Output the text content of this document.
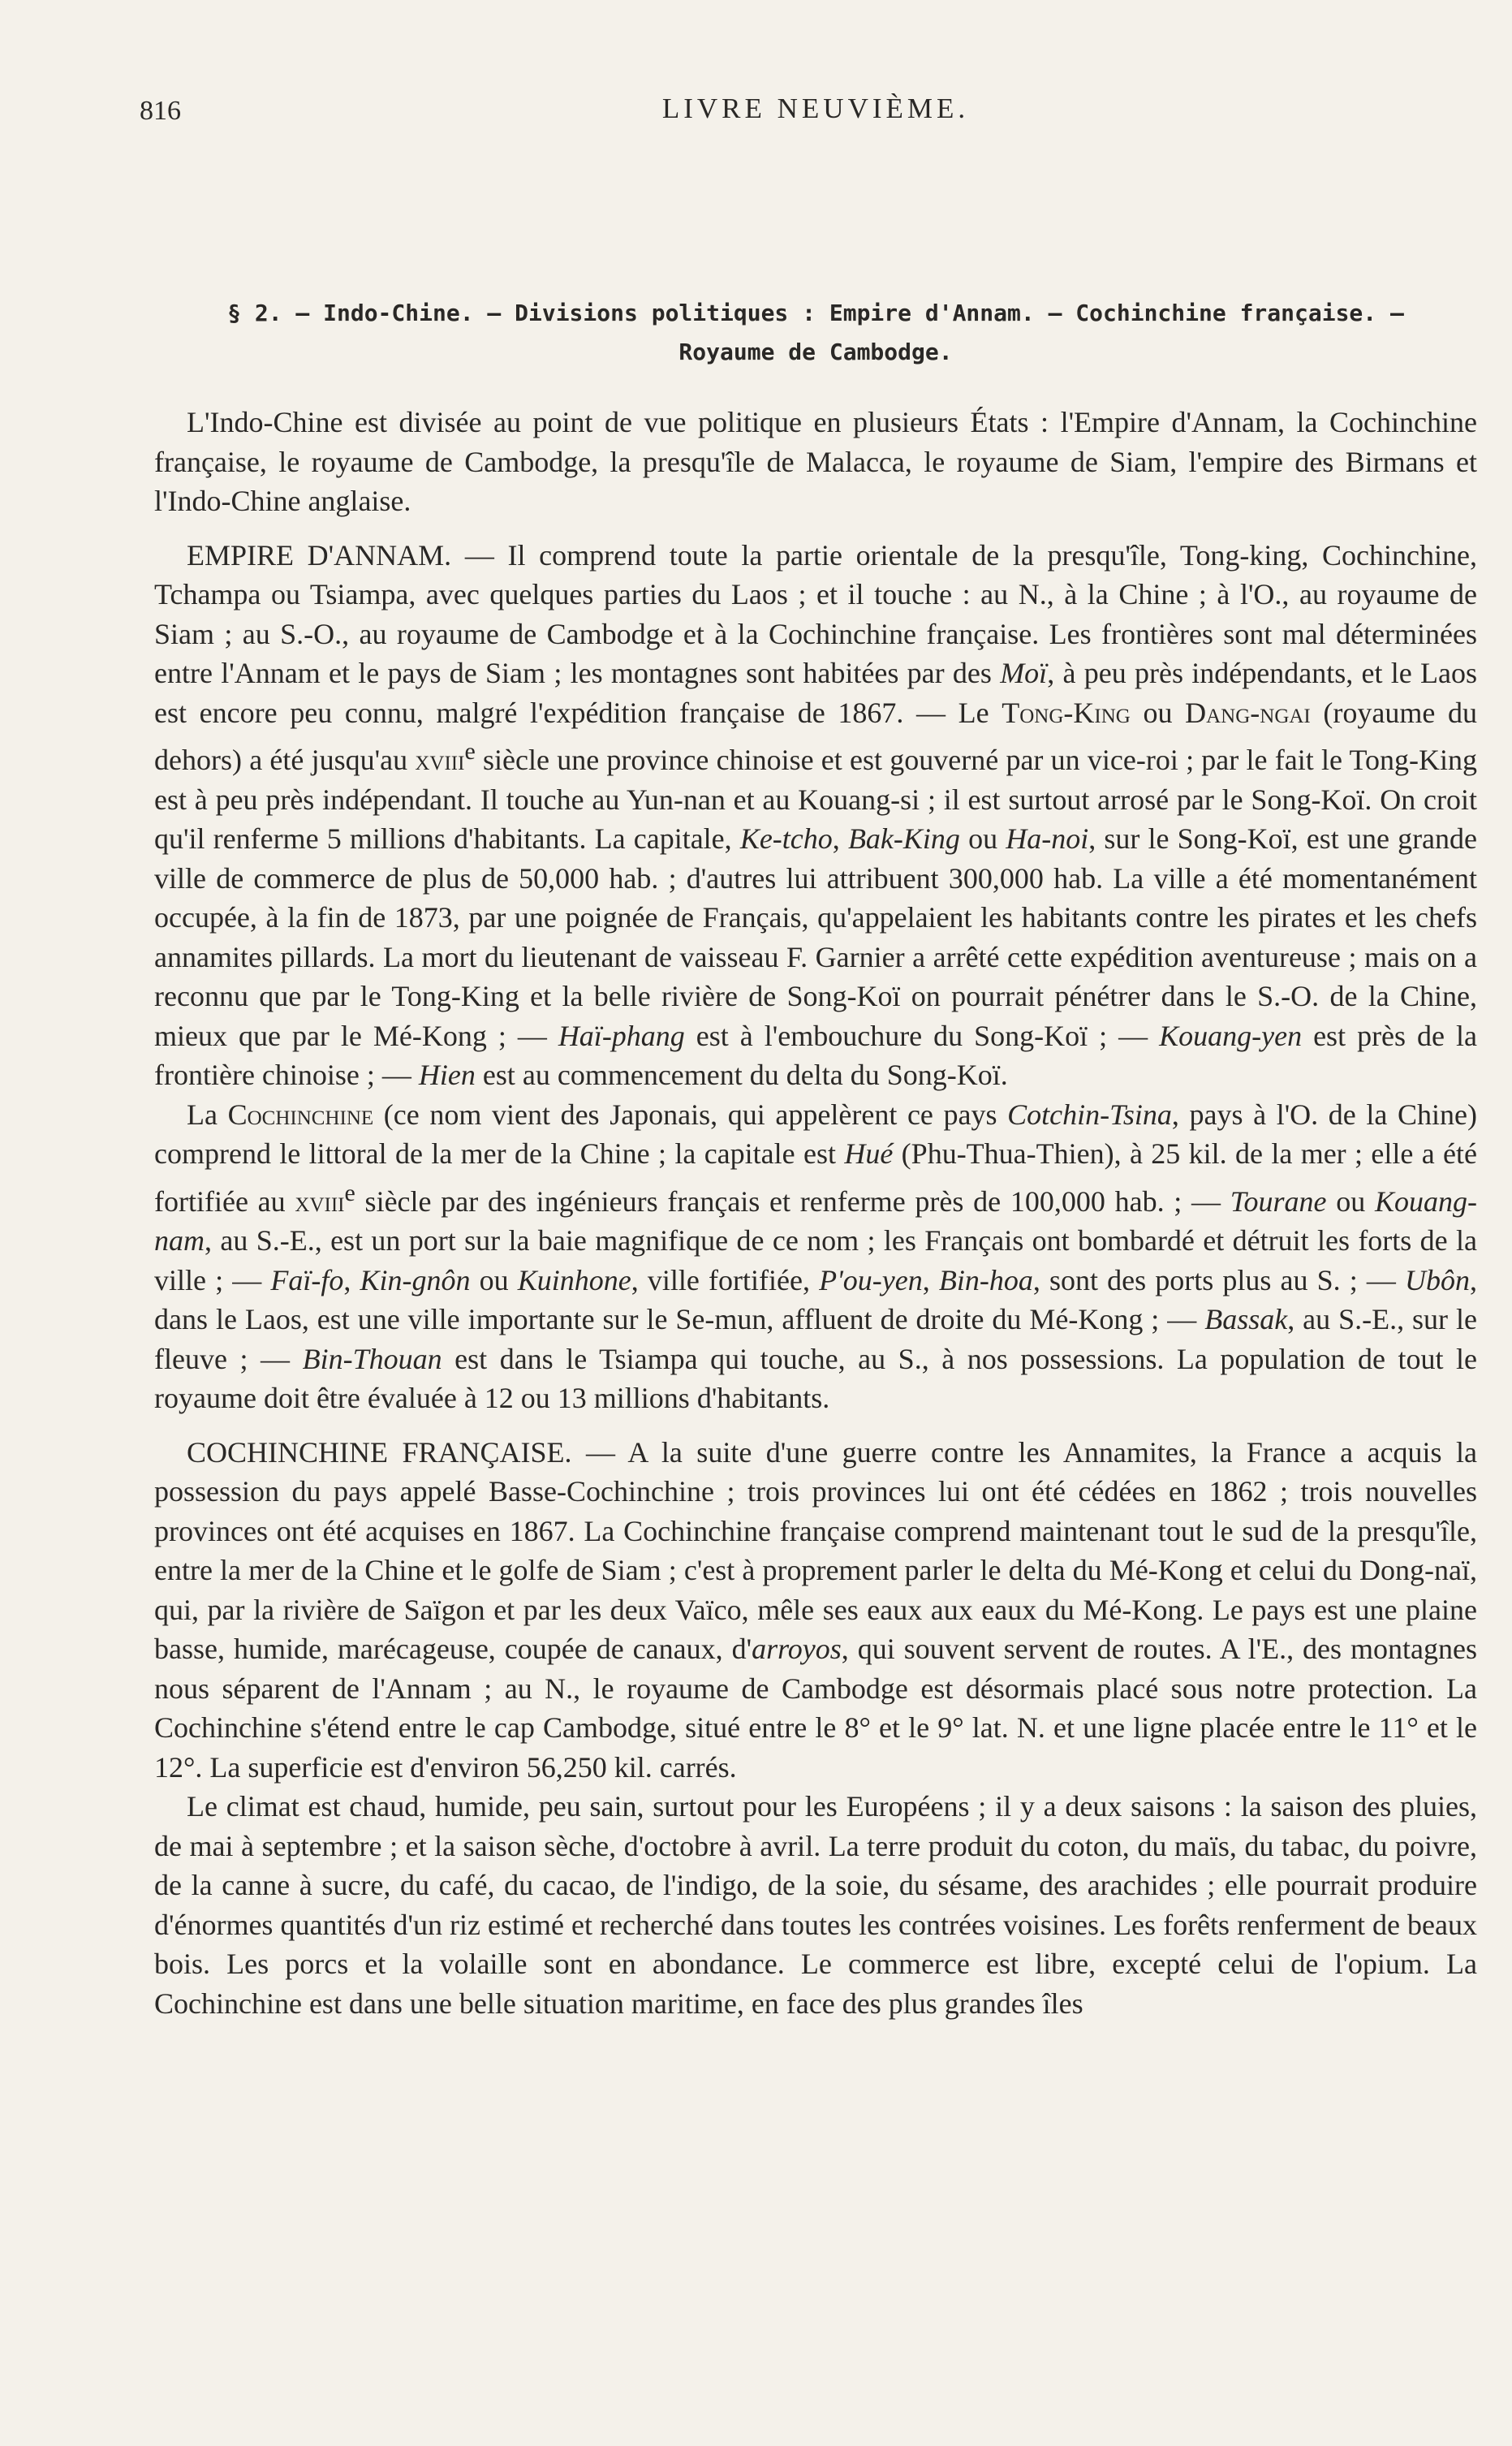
816	LIVRE NEUVIÈME.
§ 2. — Indo-Chine. — Divisions politiques : Empire d'Annam. — Cochinchine française. —
Royaume de Cambodge.

L'Indo-Chine est divisée au point de vue politique en plusieurs États : l'Empire d'Annam, la Cochinchine française, le royaume de Cambodge, la presqu'île de Malacca, le royaume de Siam, l'empire des Birmans et l'Indo-Chine anglaise.

EMPIRE D'ANNAM. — Il comprend toute la partie orientale de la presqu'île, Tong-king, Cochinchine, Tchampa ou Tsiampa, avec quelques parties du Laos ; et il touche : au N., à la Chine ; à l'O., au royaume de Siam ; au S.-O., au royaume de Cambodge et à la Cochinchine française. Les frontières sont mal déterminées entre l'Annam et le pays de Siam ; les montagnes sont habitées par des Moï, à peu près indépendants, et le Laos est encore peu connu, malgré l'expédition française de 1867. — Le Tong-King ou Dang-ngai (royaume du dehors) a été jusqu'au xviii$^e$ siècle une province chinoise et est gouverné par un vice-roi ; par le fait le Tong-King est à peu près indépendant. Il touche au Yun-nan et au Kouang-si ; il est surtout arrosé par le Song-Koï. On croit qu'il renferme 5 millions d'habitants. La capitale, Ke-tcho, Bak-King ou Ha-noi, sur le Song-Koï, est une grande ville de commerce de plus de 50,000 hab. ; d'autres lui attribuent 300,000 hab. La ville a été momentanément occupée, à la fin de 1873, par une poignée de Français, qu'appelaient les habitants contre les pirates et les chefs annamites pillards. La mort du lieutenant de vaisseau F. Garnier a arrêté cette expédition aventureuse ; mais on a reconnu que par le Tong-King et la belle rivière de Song-Koï on pourrait pénétrer dans le S.-O. de la Chine, mieux que par le Mé-Kong ; — Haï-phang est à l'embouchure du Song-Koï ; — Kouang-yen est près de la frontière chinoise ; — Hien est au commencement du delta du Song-Koï.

La Cochinchine (ce nom vient des Japonais, qui appelèrent ce pays Cotchin-Tsina, pays à l'O. de la Chine) comprend le littoral de la mer de la Chine ; la capitale est Hué (Phu-Thua-Thien), à 25 kil. de la mer ; elle a été fortifiée au xviii$^e$ siècle par des ingénieurs français et renferme près de 100,000 hab. ; — Tourane ou Kouang-nam, au S.-E., est un port sur la baie magnifique de ce nom ; les Français ont bombardé et détruit les forts de la ville ; — Faï-fo, Kin-gnôn ou Kuinhone, ville fortifiée, P'ou-yen, Bin-hoa, sont des ports plus au S. ; — Ubôn, dans le Laos, est une ville importante sur le Se-mun, affluent de droite du Mé-Kong ; — Bassak, au S.-E., sur le fleuve ; — Bin-Thouan est dans le Tsiampa qui touche, au S., à nos possessions. La population de tout le royaume doit être évaluée à 12 ou 13 millions d'habitants.

COCHINCHINE FRANÇAISE. — A la suite d'une guerre contre les Annamites, la France a acquis la possession du pays appelé Basse-Cochinchine ; trois provinces lui ont été cédées en 1862 ; trois nouvelles provinces ont été acquises en 1867. La Cochinchine française comprend maintenant tout le sud de la presqu'île, entre la mer de la Chine et le golfe de Siam ; c'est à proprement parler le delta du Mé-Kong et celui du Dong-naï, qui, par la rivière de Saïgon et par les deux Vaïco, mêle ses eaux aux eaux du Mé-Kong. Le pays est une plaine basse, humide, marécageuse, coupée de canaux, d'arroyos, qui souvent servent de routes. A l'E., des montagnes nous séparent de l'Annam ; au N., le royaume de Cambodge est désormais placé sous notre protection. La Cochinchine s'étend entre le cap Cambodge, situé entre le 8° et le 9° lat. N. et une ligne placée entre le 11° et le 12°. La superficie est d'environ 56,250 kil. carrés.

Le climat est chaud, humide, peu sain, surtout pour les Européens ; il y a deux saisons : la saison des pluies, de mai à septembre ; et la saison sèche, d'octobre à avril. La terre produit du coton, du maïs, du tabac, du poivre, de la canne à sucre, du café, du cacao, de l'indigo, de la soie, du sésame, des arachides ; elle pourrait produire d'énormes quantités d'un riz estimé et recherché dans toutes les contrées voisines. Les forêts renferment de beaux bois. Les porcs et la volaille sont en abondance. Le commerce est libre, excepté celui de l'opium. La Cochinchine est dans une belle situation maritime, en face des plus grandes îles
